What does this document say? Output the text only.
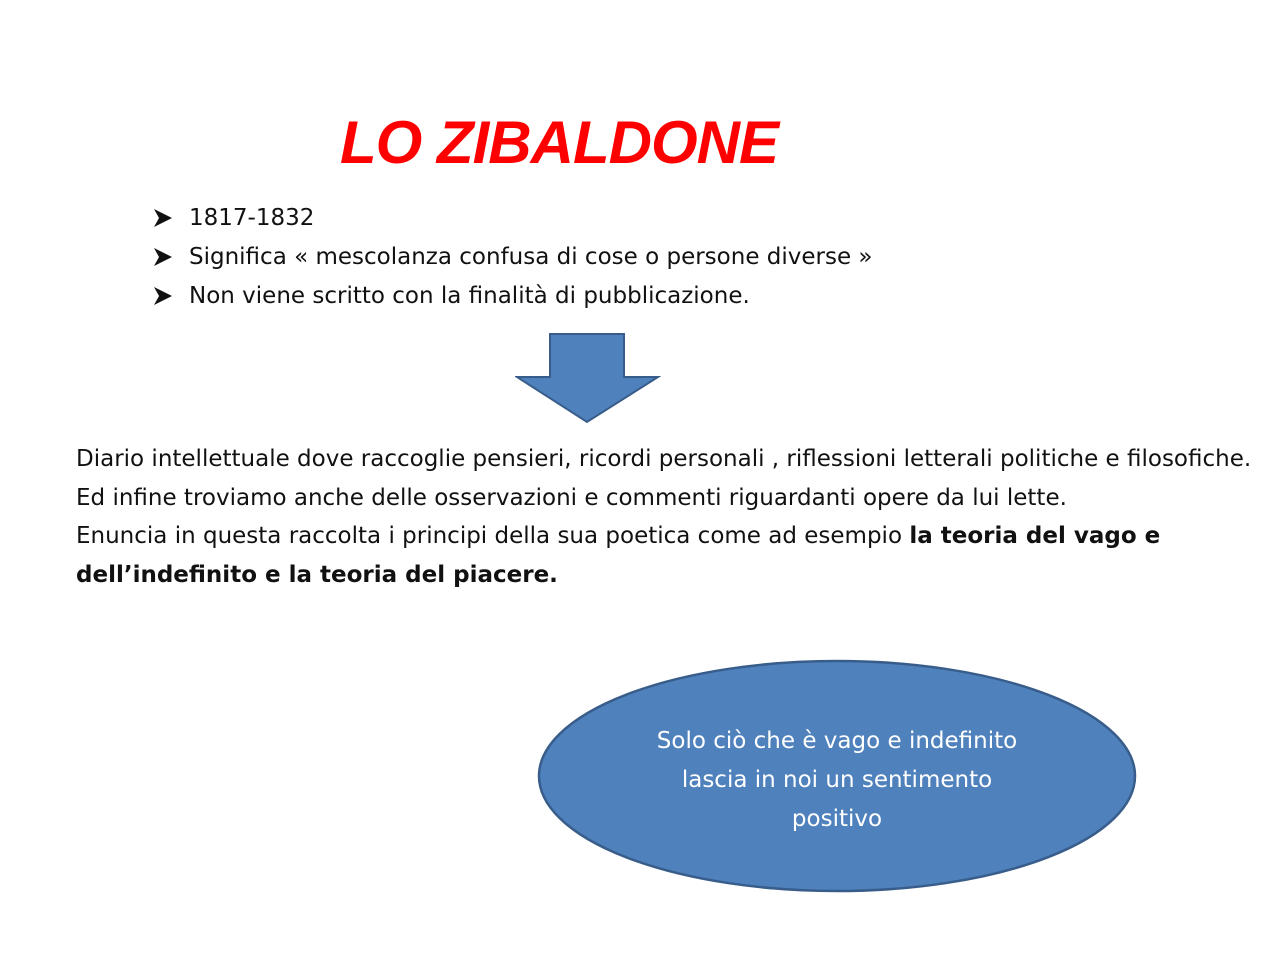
LO ZIBALDONE
1817-1832
Significa « mescolanza confusa di cose o persone diverse »
Non viene scritto con la finalità di pubblicazione.

Diario intellettuale dove raccoglie pensieri, ricordi personali , riflessioni letterali politiche e filosofiche.

Ed infine troviamo anche delle osservazioni e commenti riguardanti opere da lui lette.

Enuncia in questa raccolta i principi della sua poetica come ad esempio la teoria del vago e dell’indefinito e la teoria del piacere.

Solo ciò che è vago e indefinito lascia in noi un sentimento positivo
